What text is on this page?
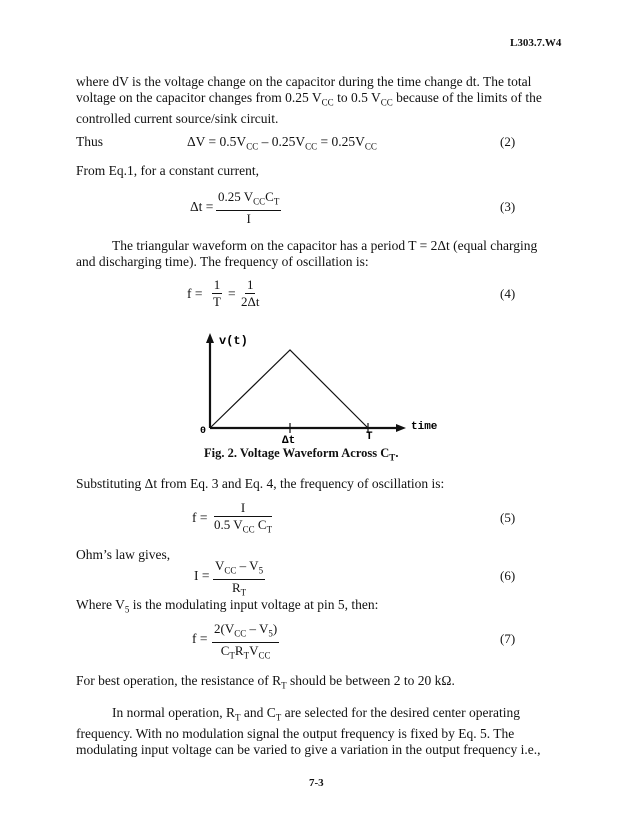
L303.7.W4
where dV is the voltage change on the capacitor during the time change dt. The total
voltage on the capacitor changes from 0.25 $V_{CC}$ to 0.5 $V_{CC}$ because of the limits of the
controlled current source/sink circuit.
Thus	$\Delta V = 0.5V_{CC} - 0.25V_{CC} = 0.25V_{CC}$	(2)
From Eq.1, for a constant current,
Δt =
0.25 $V_{CC}C_T$
I
(3)
The triangular waveform on the capacitor has a period T = 2Δt (equal charging
and discharging time). The frequency of oscillation is:
$f = \frac{1}{T} = \frac{1}{2\Delta t}$	(4)
v(t)
time
0
Δt	T
Fig. 2. Voltage Waveform Across $C_T$.
Substituting Δt from Eq. 3 and Eq. 4, the frequency of oscillation is:
f =
I
0.5 $V_{CC}$ $C_T$
(5)
Ohm’s law gives,
I =
$V_{CC} - V_5$
$R_T$
(6)
Where $V_5$ is the modulating input voltage at pin 5, then:
f =
$2(V_{CC} - V_5)$
$C_TR_TV_{CC}$
(7)
For best operation, the resistance of $R_T$ should be between 2 to 20 kΩ.
In normal operation, $R_T$ and $C_T$ are selected for the desired center operating
frequency. With no modulation signal the output frequency is fixed by Eq. 5. The
modulating input voltage can be varied to give a variation in the output frequency i.e.,
7-3
